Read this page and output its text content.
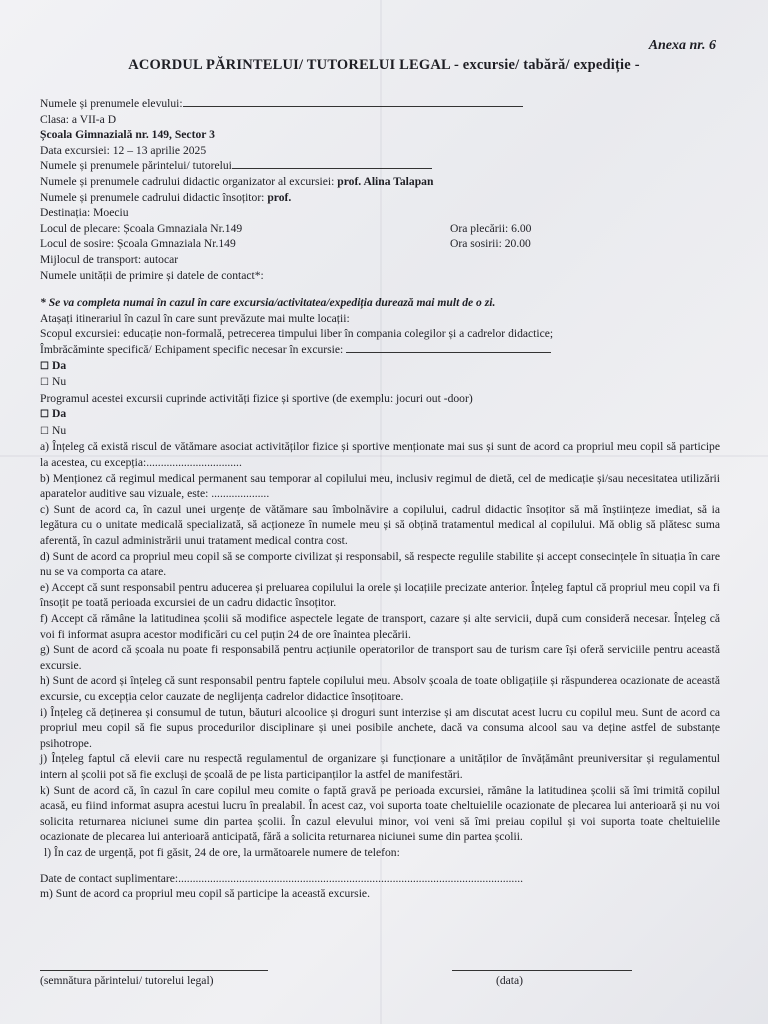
Anexa nr. 6
ACORDUL PĂRINTELUI/ TUTORELUI LEGAL - excursie/ tabără/ expediție -
Numele și prenumele elevului:
Clasa: a VII-a D
Școala Gimnazială nr. 149, Sector 3
Data excursiei: 12 – 13 aprilie 2025
Numele și prenumele părintelui/ tutorelui
Numele și prenumele cadrului didactic organizator al excursiei: prof. Alina Talapan
Numele și prenumele cadrului didactic însoțitor: prof.
Destinația: Moeciu
Locul de plecare: Școala Gmnaziala Nr.149	Ora plecării: 6.00
Locul de sosire: Școala Gmnaziala Nr.149	Ora sosirii: 20.00
Mijlocul de transport: autocar
Numele unității de primire și datele de contact*:
* Se va completa numai în cazul în care excursia/activitatea/expediția durează mai mult de o zi.
Atașați itinerariul în cazul în care sunt prevăzute mai multe locații:
Scopul excursiei: educație non-formală, petrecerea timpului liber în compania colegilor și a cadrelor didactice;
Îmbrăcăminte specifică/ Echipament specific necesar în excursie:
☐ Da
☐ Nu
Programul acestei excursii cuprinde activități fizice și sportive (de exemplu: jocuri out -door)
☐ Da
☐ Nu
a) Înțeleg că există riscul de vătămare asociat activităților fizice și sportive menționate mai sus și sunt de acord ca propriul meu copil să participe la acestea, cu excepția:.................................
b) Menționez că regimul medical permanent sau temporar al copilului meu, inclusiv regimul de dietă, cel de medicație și/sau necesitatea utilizării aparatelor auditive sau vizuale, este: ....................
c) Sunt de acord ca, în cazul unei urgențe de vătămare sau îmbolnăvire a copilului, cadrul didactic însoțitor să mă înștiințeze imediat, să ia legătura cu o unitate medicală specializată, să acționeze în numele meu și să obțină tratamentul medical al copilului. Mă oblig să plătesc suma aferentă, în cazul administrării unui tratament medical contra cost.
d) Sunt de acord ca propriul meu copil să se comporte civilizat și responsabil, să respecte regulile stabilite și accept consecințele în situația în care nu se va comporta ca atare.
e) Accept că sunt responsabil pentru aducerea și preluarea copilului la orele și locațiile precizate anterior. Înțeleg faptul că propriul meu copil va fi însoțit pe toată perioada excursiei de un cadru didactic însoțitor.
f) Accept că rămâne la latitudinea școlii să modifice aspectele legate de transport, cazare și alte servicii, după cum consideră necesar. Înțeleg că voi fi informat asupra acestor modificări cu cel puțin 24 de ore înaintea plecării.
g) Sunt de acord că școala nu poate fi responsabilă pentru acțiunile operatorilor de transport sau de turism care își oferă serviciile pentru această excursie.
h) Sunt de acord și înțeleg că sunt responsabil pentru faptele copilului meu. Absolv școala de toate obligațiile și răspunderea ocazionate de această excursie, cu excepția celor cauzate de neglijența cadrelor didactice însoțitoare.
i) Înțeleg că deținerea și consumul de tutun, băuturi alcoolice și droguri sunt interzise și am discutat acest lucru cu copilul meu. Sunt de acord ca propriul meu copil să fie supus procedurilor disciplinare și unei posibile anchete, dacă va consuma alcool sau va deține astfel de substanțe psihotrope.
j) Înțeleg faptul că elevii care nu respectă regulamentul de organizare și funcționare a unităților de învățământ preuniversitar și regulamentul intern al școlii pot să fie excluși de școală de pe lista participanților la astfel de manifestări.
k) Sunt de acord că, în cazul în care copilul meu comite o faptă gravă pe perioada excursiei, rămâne la latitudinea școlii să îmi trimită copilul acasă, eu fiind informat asupra acestui lucru în prealabil. În acest caz, voi suporta toate cheltuielile ocazionate de plecarea lui anterioară și nu voi solicita returnarea niciunei sume din partea școlii. În cazul elevului minor, voi veni să îmi preiau copilul și voi suporta toate cheltuielile ocazionate de plecarea lui anterioară anticipată, fără a solicita returnarea niciunei sume din partea școlii.
l) În caz de urgență, pot fi găsit, 24 de ore, la următoarele numere de telefon:
Date de contact suplimentare:.......................................................................................................................
m) Sunt de acord ca propriul meu copil să participe la această excursie.
(semnătura părintelui/ tutorelui legal)	(data)
